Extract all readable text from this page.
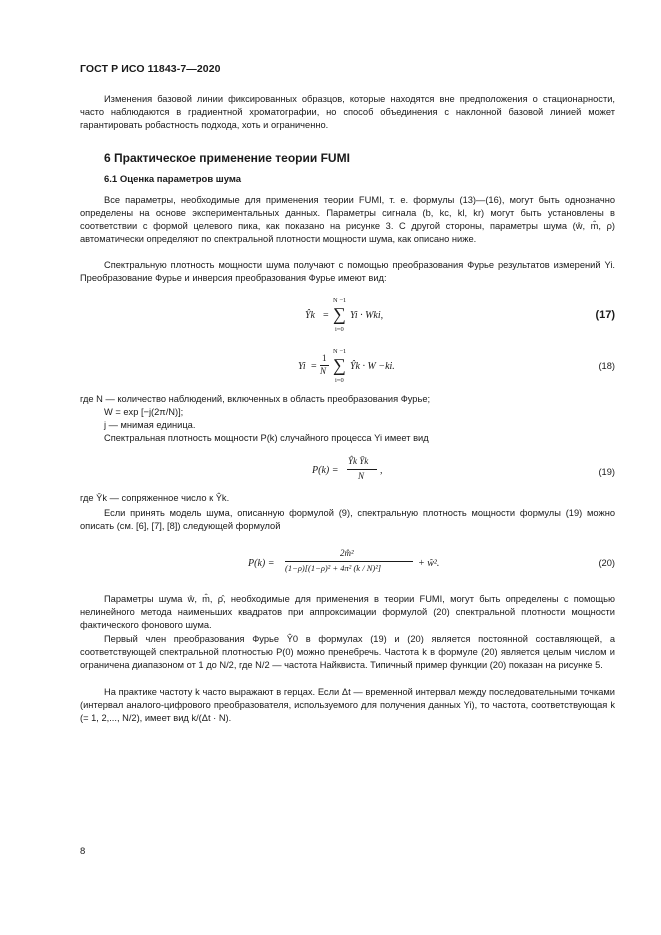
ГОСТ Р ИСО 11843-7—2020

Изменения базовой линии фиксированных образцов, которые находятся вне предположения о стационарности, часто наблюдаются в градиентной хроматографии, но способ объединения с наклонной базовой линией может гарантировать робастность подхода, хоть и ограниченно.

6 Практическое применение теории FUMI
6.1 Оценка параметров шума

Все параметры, необходимые для применения теории FUMI, т. е. формулы (13)—(16), могут быть однозначно определены на основе экспериментальных данных. Параметры сигнала (b, kc, kl, kr) могут быть установлены в соответствии с формой целевого пика, как показано на рисунке 3. С другой стороны, параметры шума (ŵ, m̂, ρ) автоматически определяют по спектральной плотности мощности шума, как описано ниже.

Спектральную плотность мощности шума получают с помощью преобразования Фурье результатов измерений Yi. Преобразование Фурье и инверсия преобразования Фурье имеют вид:

Ŷk =
N −1
∑
i=0
Yi · Wki,	(17)
Yi =
1
N
N −1
∑
i=0
Ŷk · W −ki.	(18)
где N — количество наблюдений, включенных в область преобразования Фурье;
W = exp [−j(2π/N)];
j — мнимая единица.
Спектральная плотность мощности P(k) случайного процесса Yi имеет вид
P(k) =
Ŷk Ȳk
N ,	(19)
где Ȳk — сопряженное число к Ŷk.

Если принять модель шума, описанную формулой (9), спектральную плотность мощности формулы (19) можно описать (см. [6], [7], [8]) следующей формулой

P(k) =
2m̂²
(1−ρ)[(1−ρ)² + 4π² (k / N)²]	+ ŵ².	(20)

Параметры шума ŵ, m̂, ρ̂, необходимые для применения в теории FUMI, могут быть определены с помощью нелинейного метода наименьших квадратов при аппроксимации формулой (20) спектральной плотности мощности фактического фонового шума.

Первый член преобразования Фурье Ŷ0 в формулах (19) и (20) является постоянной составляющей, а соответствующей спектральной плотностью P(0) можно пренебречь. Частота k в формуле (20) является целым числом и ограничена диапазоном от 1 до N/2, где N/2 — частота Найквиста. Типичный пример функции (20) показан на рисунке 5.

На практике частоту k часто выражают в герцах. Если Δt — временной интервал между последовательными точками (интервал аналого-цифрового преобразователя, используемого для получения данных Yi), то частота, соответствующая k (= 1, 2,..., N/2), имеет вид k/(Δt · N).

8
